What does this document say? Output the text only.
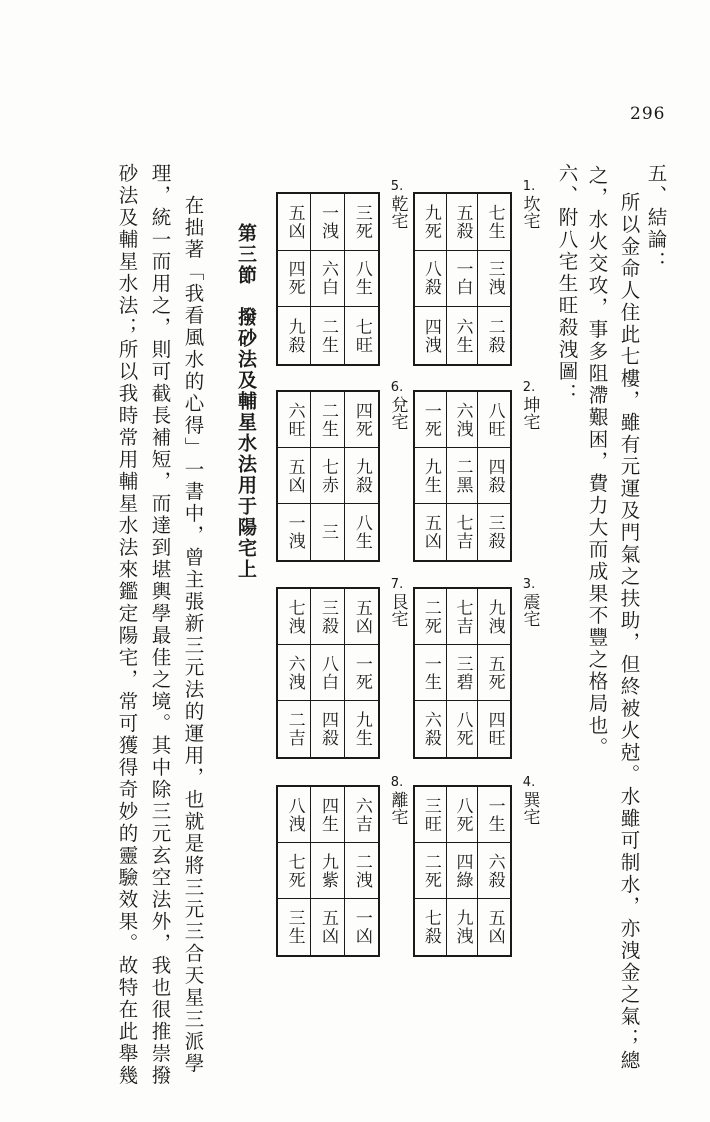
296
五、結論：
所以金命人住此七樓，雖有元運及門氣之扶助，但終被火尅。水雖可制水，亦洩金之氣；總
之，水火交攻，事多阻滯艱困，費力大而成果不豐之格局也。
六、附八宅生旺殺洩圖：
1.
坎宅
九死 五殺 七生
八殺 一白 三洩
四洩 六生 二殺
2.
坤宅
一死 六洩 八旺
九生 二黑 四殺
五凶 七吉 三殺
3.
震宅
二死 七吉 九洩
一生 三碧 五死
六殺 八死 四旺
4.
巽宅
三旺 八死 一生
二死 四綠 六殺
七殺 九洩 五凶
5.
乾宅
五凶 一洩 三死
四死 六白 八生
九殺 二生 七旺
6.
兌宅
六旺 二生 四死
五凶 七赤 九殺
一洩 三 八生
7.
艮宅
七洩 三殺 五凶
六洩 八白 一死
二吉 四殺 九生
8.
離宅
八洩 四生 六吉
七死 九紫 二洩
三生 五凶 一凶
第三節　撥砂法及輔星水法用于陽宅上
在拙著「我看風水的心得」一書中，曾主張新三元法的運用，也就是將三元三合天星三派學
理，統一而用之，則可截長補短，而達到堪輿學最佳之境。其中除三元玄空法外，我也很推崇撥
砂法及輔星水法；所以我時常用輔星水法來鑑定陽宅，常可獲得奇妙的靈驗效果。故特在此舉幾
